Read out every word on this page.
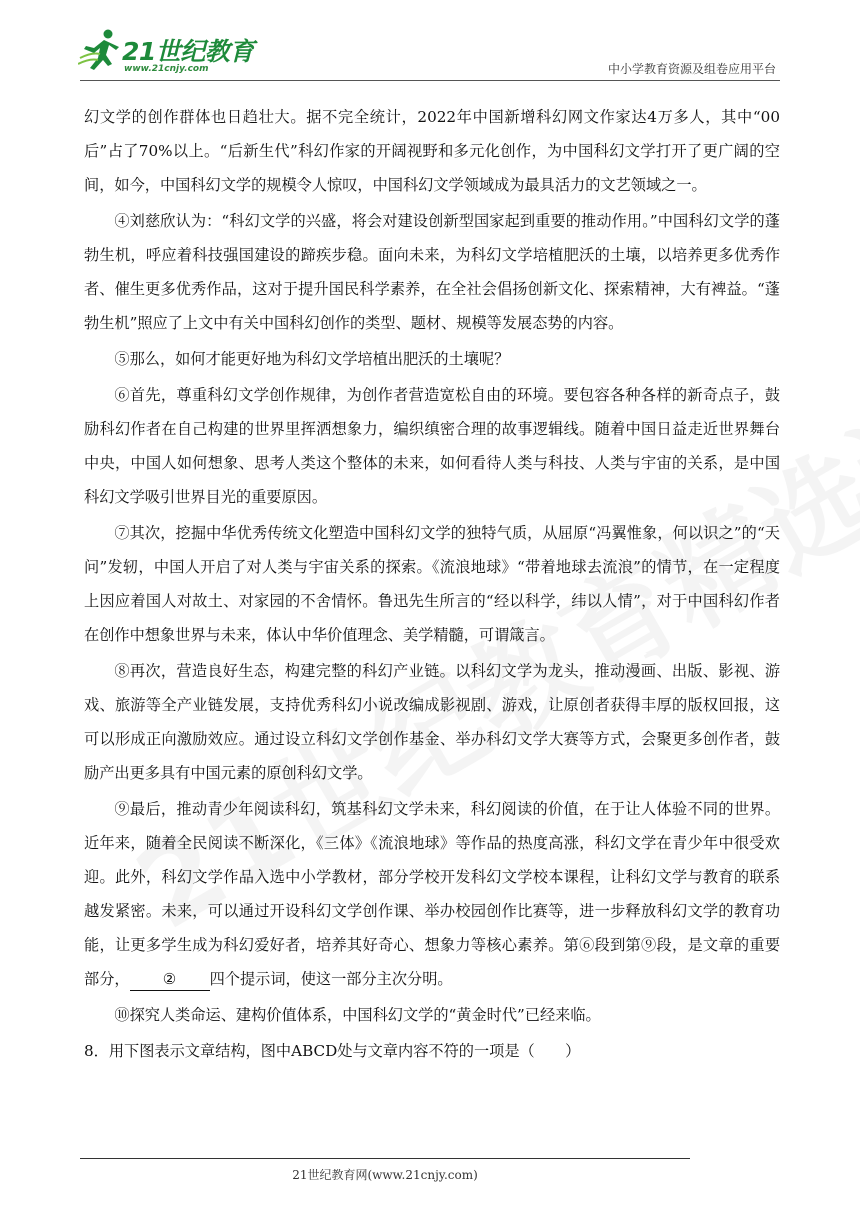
21世纪教育
www.21cnjy.com	中小学教育资源及组卷应用平台

幻文学的创作群体也日趋壮大。据不完全统计，2022年中国新增科幻网文作家达4万多人，其中“00后”占了70%以上。“后新生代”科幻作家的开阔视野和多元化创作，为中国科幻文学打开了更广阔的空间，如今，中国科幻文学的规模令人惊叹，中国科幻文学领域成为最具活力的文艺领域之一。

④刘慈欣认为：“科幻文学的兴盛，将会对建设创新型国家起到重要的推动作用。”中国科幻文学的蓬勃生机，呼应着科技强国建设的蹄疾步稳。面向未来，为科幻文学培植肥沃的土壤，以培养更多优秀作者、催生更多优秀作品，这对于提升国民科学素养，在全社会倡扬创新文化、探索精神，大有裨益。“蓬勃生机”照应了上文中有关中国科幻创作的类型、题材、规模等发展态势的内容。

⑤那么，如何才能更好地为科幻文学培植出肥沃的土壤呢？

⑥首先，尊重科幻文学创作规律，为创作者营造宽松自由的环境。要包容各种各样的新奇点子，鼓励科幻作者在自己构建的世界里挥洒想象力，编织缜密合理的故事逻辑线。随着中国日益走近世界舞台中央，中国人如何想象、思考人类这个整体的未来，如何看待人类与科技、人类与宇宙的关系，是中国科幻文学吸引世界目光的重要原因。

⑦其次，挖掘中华优秀传统文化塑造中国科幻文学的独特气质，从屈原“冯翼惟象，何以识之”的“天问”发轫，中国人开启了对人类与宇宙关系的探索。《流浪地球》“带着地球去流浪”的情节，在一定程度上因应着国人对故土、对家园的不舍情怀。鲁迅先生所言的“经以科学，纬以人情”，对于中国科幻作者在创作中想象世界与未来，体认中华价值理念、美学精髓，可谓箴言。

⑧再次，营造良好生态，构建完整的科幻产业链。以科幻文学为龙头，推动漫画、出版、影视、游戏、旅游等全产业链发展，支持优秀科幻小说改编成影视剧、游戏，让原创者获得丰厚的版权回报，这可以形成正向激励效应。通过设立科幻文学创作基金、举办科幻文学大赛等方式，会聚更多创作者，鼓励产出更多具有中国元素的原创科幻文学。

⑨最后，推动青少年阅读科幻，筑基科幻文学未来，科幻阅读的价值，在于让人体验不同的世界。近年来，随着全民阅读不断深化，《三体》《流浪地球》等作品的热度高涨，科幻文学在青少年中很受欢迎。此外，科幻文学作品入选中小学教材，部分学校开发科幻文学校本课程，让科幻文学与教育的联系越发紧密。未来，可以通过开设科幻文学创作课、举办校园创作比赛等，进一步释放科幻文学的教育功能，让更多学生成为科幻爱好者，培养其好奇心、想象力等核心素养。第⑥段到第⑨段，是文章的重要部分， ② 四个提示词，使这一部分主次分明。

⑩探究人类命运、建构价值体系，中国科幻文学的“黄金时代”已经来临。

8．用下图表示文章结构，图中ABCD处与文章内容不符的一项是（　　）

21世纪教育网(www.21cnjy.com)
